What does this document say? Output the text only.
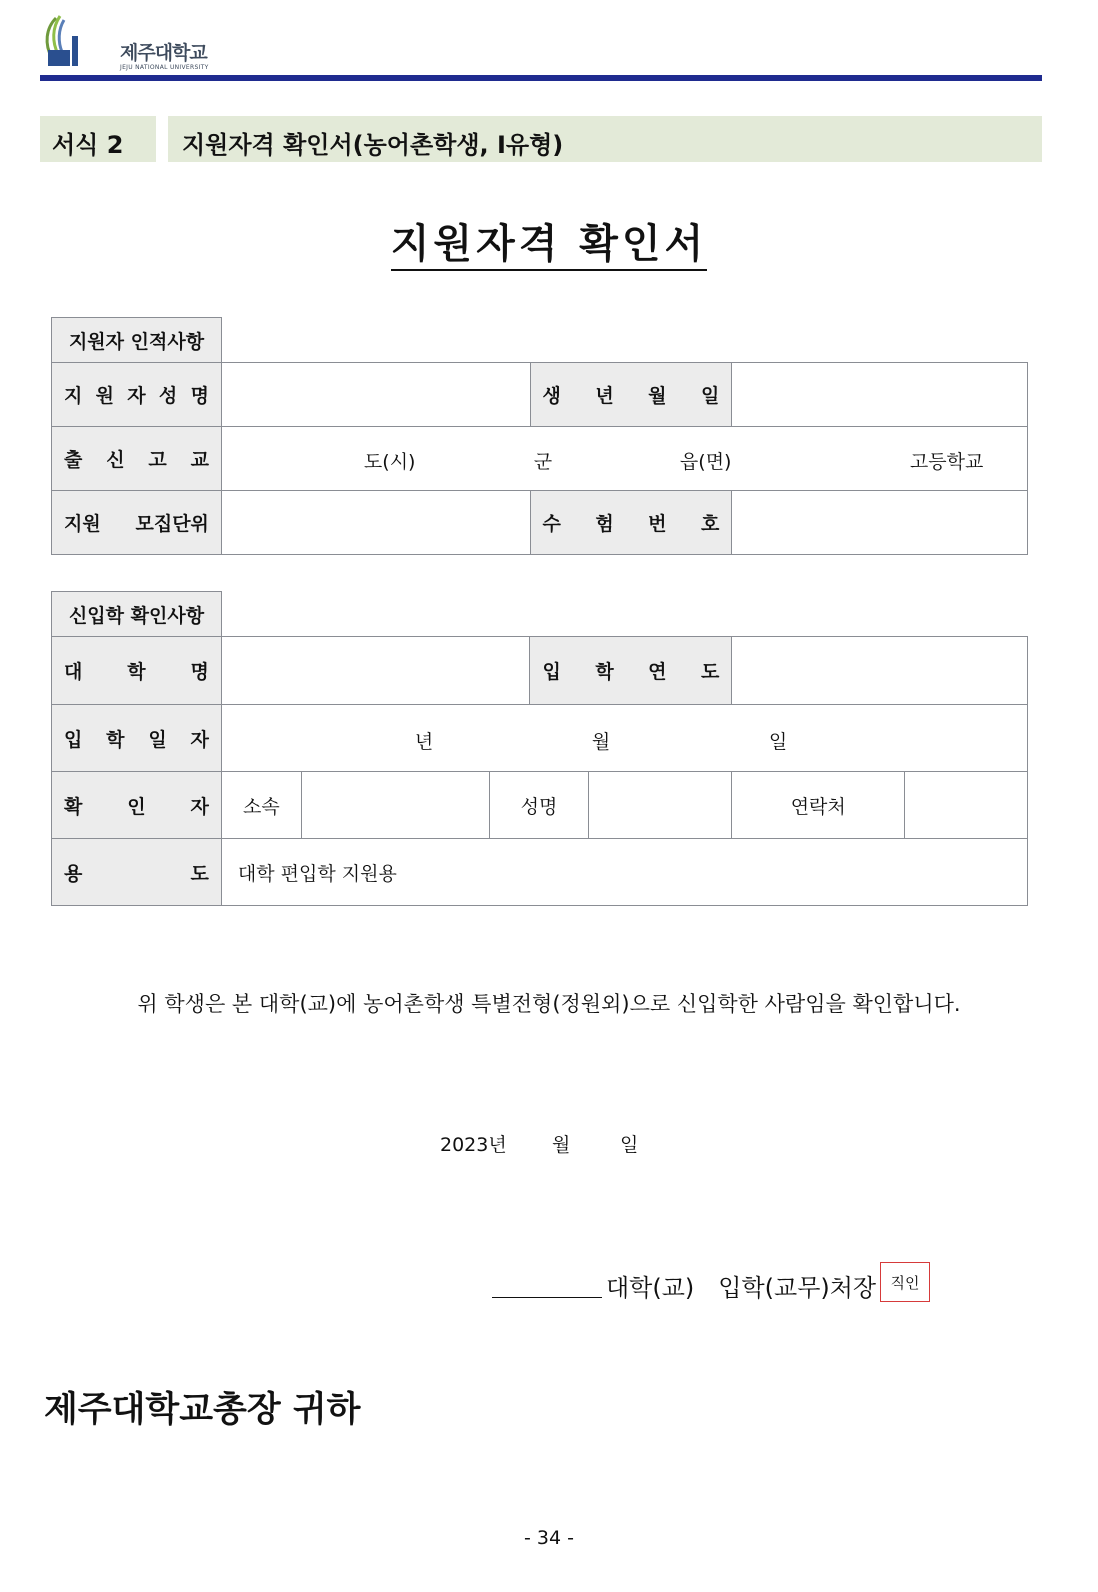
제주대학교
JEJU NATIONAL UNIVERSITY
서식 2 지원자격 확인서(농어촌학생, Ⅰ유형)
지원자격 확인서
지원자 인적사항
지 원 자 성 명		생 년 월 일	

출 신 고 교	도(시) 군 읍(면) 고등학교		

지원 모집단위		수 험 번 호	

신입학 확인사항
대 학 명				입 학 연 도			

입 학 일 자	년 월 일						

확 인 자	소속		성명			연락처	

용 도	대학 편입학 지원용						
위 학생은 본 대학(교)에 농어촌학생 특별전형(정원외)으로 신입학한 사람임을 확인합니다.
2023년 월	일
대학(교)　입학(교무)처장 직인
제주대학교총장 귀하
- 34 -
